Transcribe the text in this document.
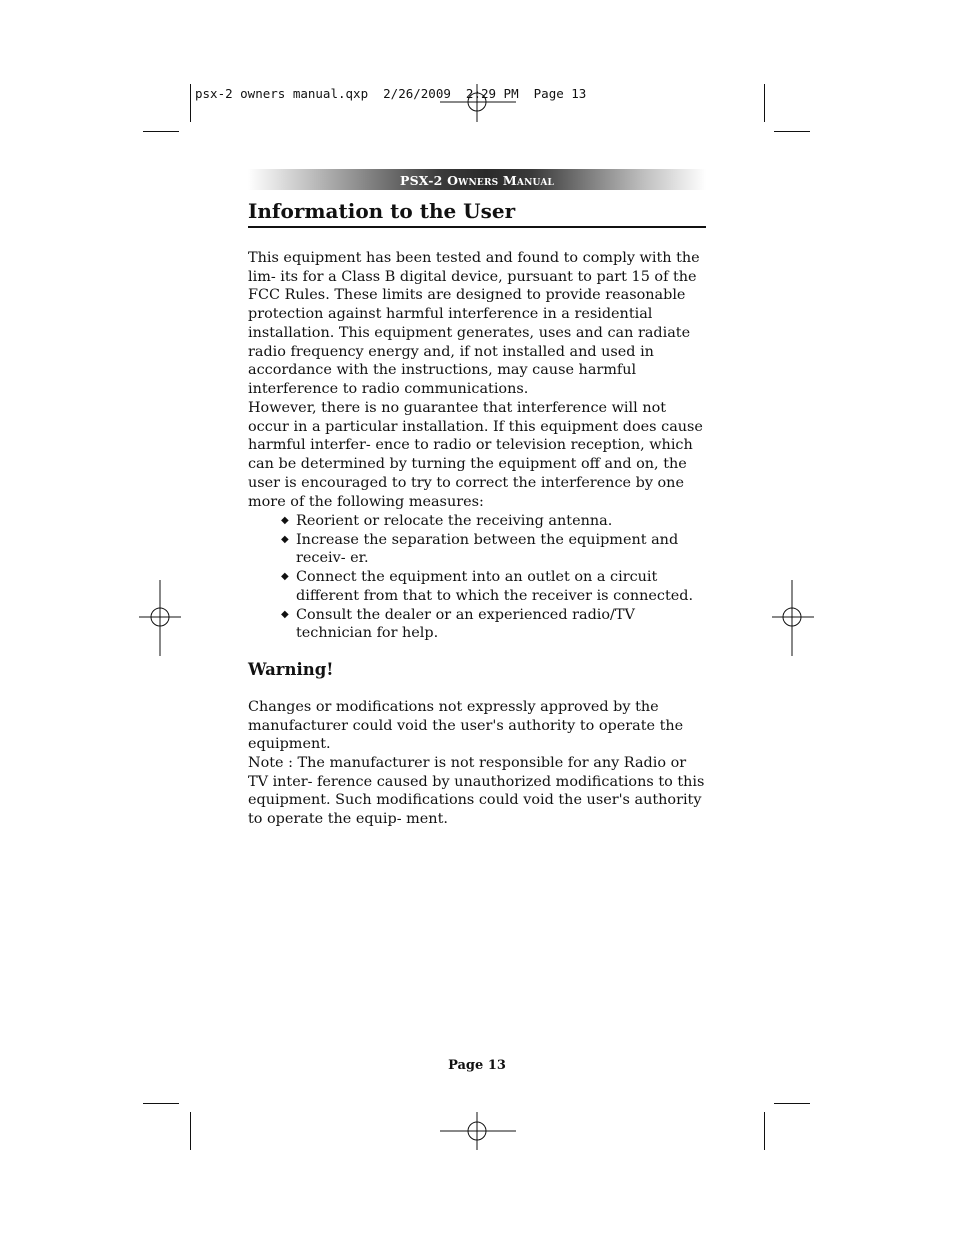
psx-2 owners manual.qxp  2/26/2009  2:29 PM  Page 13
PSX-2 Owners Manual
Information to the User

This equipment has been tested and found to comply with the lim- its for a Class B digital device, pursuant to part 15 of the FCC Rules. These limits are designed to provide reasonable protection against harmful interference in a residential installation. This equipment generates, uses and can radiate radio frequency energy and, if not installed and used in accordance with the instructions, may cause harmful interference to radio communications.

However, there is no guarantee that interference will not occur in a particular installation. If this equipment does cause harmful interfer- ence to radio or television reception, which can be determined by turning the equipment off and on, the user is encouraged to try to correct the interference by one more of the following measures:

◆ Reorient or relocate the receiving antenna.
◆ Increase the separation between the equipment and receiv- er.
◆ Connect the equipment into an outlet on a circuit different from that to which the receiver is connected.
◆ Consult the dealer or an experienced radio/TV technician for help.
Warning!

Changes or modifications not expressly approved by the manufacturer could void the user's authority to operate the equipment.

Note : The manufacturer is not responsible for any Radio or TV inter- ference caused by unauthorized modifications to this equipment. Such modifications could void the user's authority to operate the equip- ment.

Page 13
